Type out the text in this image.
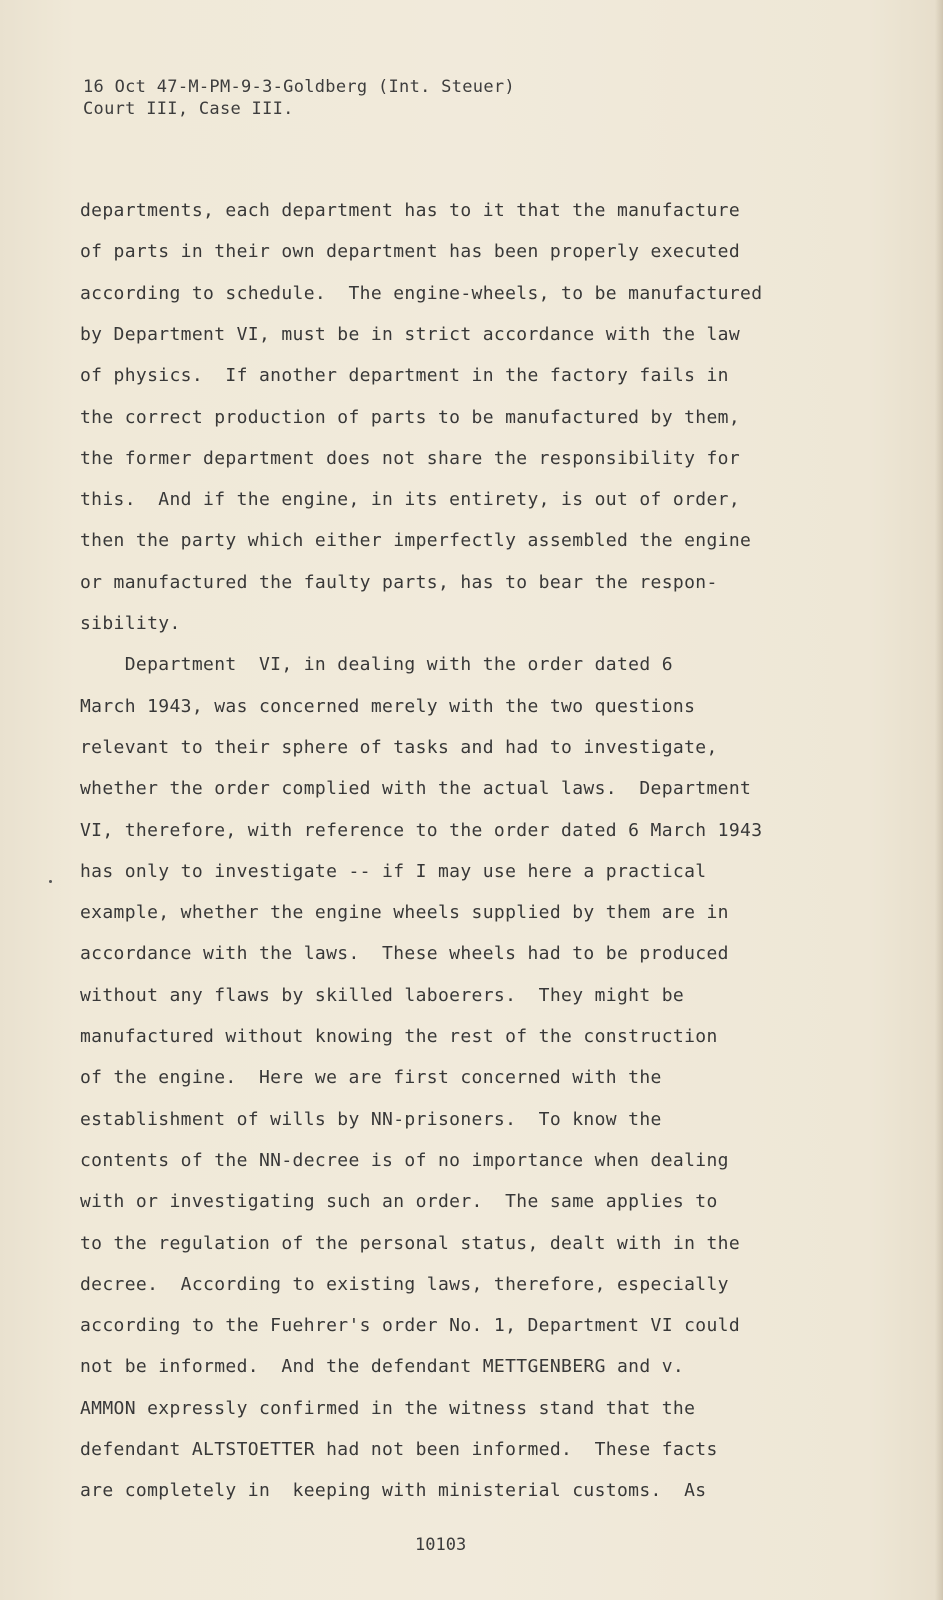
16 Oct 47-M-PM-9-3-Goldberg (Int. Steuer)
Court III, Case III.
departments, each department has to it that the manufacture
of parts in their own department has been properly executed
according to schedule.  The engine-wheels, to be manufactured
by Department VI, must be in strict accordance with the law
of physics.  If another department in the factory fails in
the correct production of parts to be manufactured by them,
the former department does not share the responsibility for
this.  And if the engine, in its entirety, is out of order,
then the party which either imperfectly assembled the engine
or manufactured the faulty parts, has to bear the respon-
sibility.
Department  VI, in dealing with the order dated 6
March 1943, was concerned merely with the two questions
relevant to their sphere of tasks and had to investigate,
whether the order complied with the actual laws.  Department
VI, therefore, with reference to the order dated 6 March 1943
has only to investigate -- if I may use here a practical
example, whether the engine wheels supplied by them are in
accordance with the laws.  These wheels had to be produced
without any flaws by skilled laboerers.  They might be
manufactured without knowing the rest of the construction
of the engine.  Here we are first concerned with the
establishment of wills by NN-prisoners.  To know the
contents of the NN-decree is of no importance when dealing
with or investigating such an order.  The same applies to
to the regulation of the personal status, dealt with in the
decree.  According to existing laws, therefore, especially
according to the Fuehrer's order No. 1, Department VI could
not be informed.  And the defendant METTGENBERG and v.
AMMON expressly confirmed in the witness stand that the
defendant ALTSTOETTER had not been informed.  These facts
are completely in  keeping with ministerial customs.  As
10103
